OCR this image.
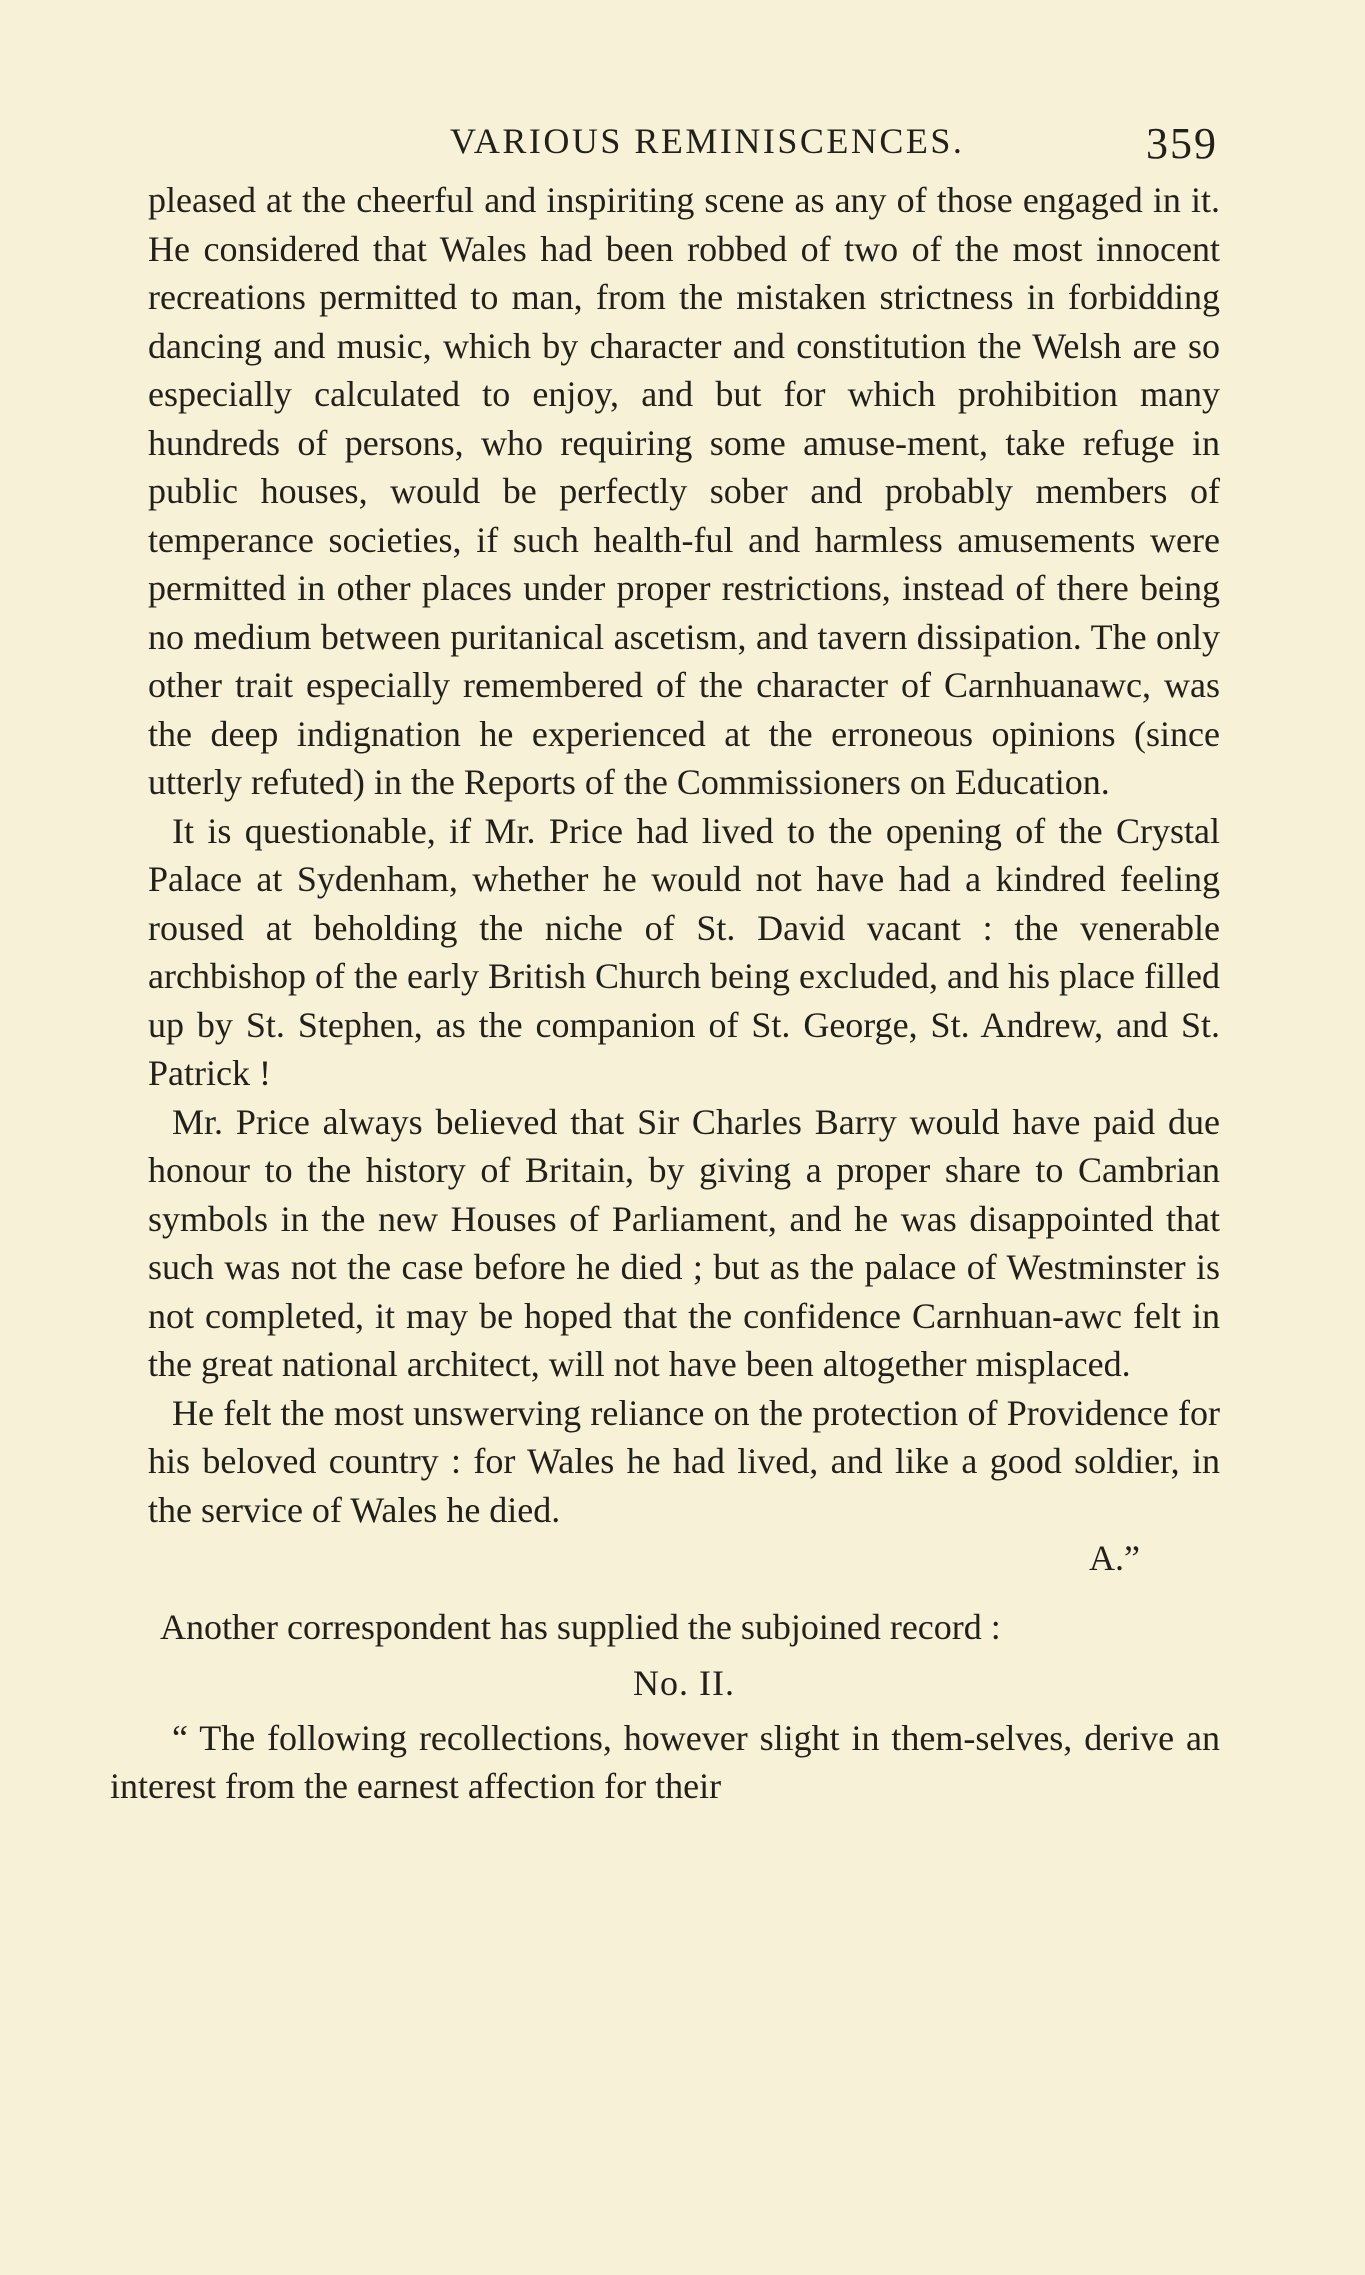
VARIOUS REMINISCENCES.	359

pleased at the cheerful and inspiriting scene as any of those engaged in it. He considered that Wales had been robbed of two of the most innocent recreations permitted to man, from the mistaken strictness in forbidding dancing and music, which by character and constitution the Welsh are so especially calculated to enjoy, and but for which prohibition many hundreds of persons, who requiring some amuse-ment, take refuge in public houses, would be perfectly sober and probably members of temperance societies, if such health-ful and harmless amusements were permitted in other places under proper restrictions, instead of there being no medium between puritanical ascetism, and tavern dissipation. The only other trait especially remembered of the character of Carnhuanawc, was the deep indignation he experienced at the erroneous opinions (since utterly refuted) in the Reports of the Commissioners on Education.

It is questionable, if Mr. Price had lived to the opening of the Crystal Palace at Sydenham, whether he would not have had a kindred feeling roused at beholding the niche of St. David vacant : the venerable archbishop of the early British Church being excluded, and his place filled up by St. Stephen, as the companion of St. George, St. Andrew, and St. Patrick !

Mr. Price always believed that Sir Charles Barry would have paid due honour to the history of Britain, by giving a proper share to Cambrian symbols in the new Houses of Parliament, and he was disappointed that such was not the case before he died ; but as the palace of Westminster is not completed, it may be hoped that the confidence Carnhuan-awc felt in the great national architect, will not have been altogether misplaced.

He felt the most unswerving reliance on the protection of Providence for his beloved country : for Wales he had lived, and like a good soldier, in the service of Wales he died.

A.”

Another correspondent has supplied the subjoined record :

No. II.

“ The following recollections, however slight in them-selves, derive an interest from the earnest affection for their
